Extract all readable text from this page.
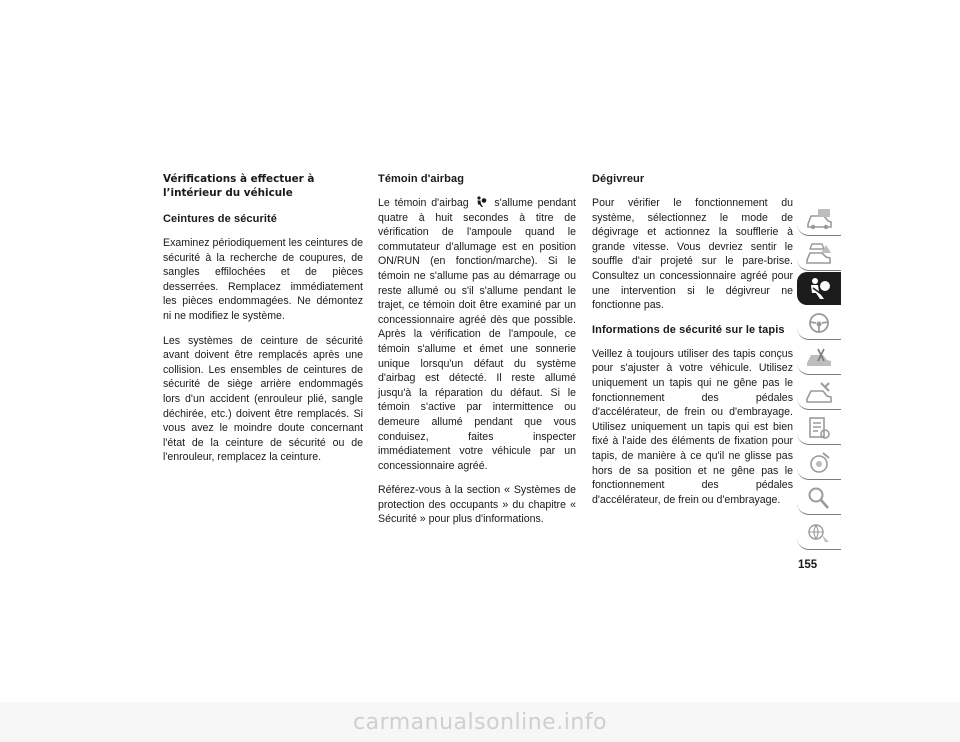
Vérifications à effectuer à l’intérieur du véhicule
Ceintures de sécurité

Examinez périodiquement les ceintures de sécurité à la recherche de coupures, de sangles effilochées et de pièces desserrées. Remplacez immédiatement les pièces endommagées. Ne démontez ni ne modifiez le système.

Les systèmes de ceinture de sécurité avant doivent être remplacés après une collision. Les ensembles de ceintures de sécurité de siège arrière endommagés lors d'un accident (enrouleur plié, sangle déchirée, etc.) doivent être remplacés. Si vous avez le moindre doute concernant l'état de la ceinture de sécurité ou de l'enrouleur, remplacez la ceinture.

Témoin d'airbag

Le témoin d'airbag s'allume pendant quatre à huit secondes à titre de vérification de l'ampoule quand le commutateur d'allumage est en position ON/RUN (en fonction/marche). Si le témoin ne s'allume pas au démarrage ou reste allumé ou s'il s'allume pendant le trajet, ce témoin doit être examiné par un concessionnaire agréé dès que possible. Après la vérification de l'ampoule, ce témoin s'allume et émet une sonnerie unique lorsqu'un défaut du système d'airbag est détecté. Il reste allumé jusqu'à la réparation du défaut. Si le témoin s'active par intermittence ou demeure allumé pendant que vous conduisez, faites inspecter immédiatement votre véhicule par un concessionnaire agréé.

Référez-vous à la section « Systèmes de protection des occupants » du chapitre « Sécurité » pour plus d'informations.

Dégivreur

Pour vérifier le fonctionnement du système, sélectionnez le mode de dégivrage et actionnez la soufflerie à grande vitesse. Vous devriez sentir le souffle d'air projeté sur le pare-brise. Consultez un concessionnaire agréé pour une intervention si le dégivreur ne fonctionne pas.

Informations de sécurité sur le tapis

Veillez à toujours utiliser des tapis conçus pour s'ajuster à votre véhicule. Utilisez uniquement un tapis qui ne gêne pas le fonctionnement des pédales d'accélérateur, de frein ou d'embrayage. Utilisez uniquement un tapis qui est bien fixé à l'aide des éléments de fixation pour tapis, de manière à ce qu'il ne glisse pas hors de sa position et ne gêne pas le fonctionnement des pédales d'accélérateur, de frein ou d'embrayage.

155
carmanualsonline.info
